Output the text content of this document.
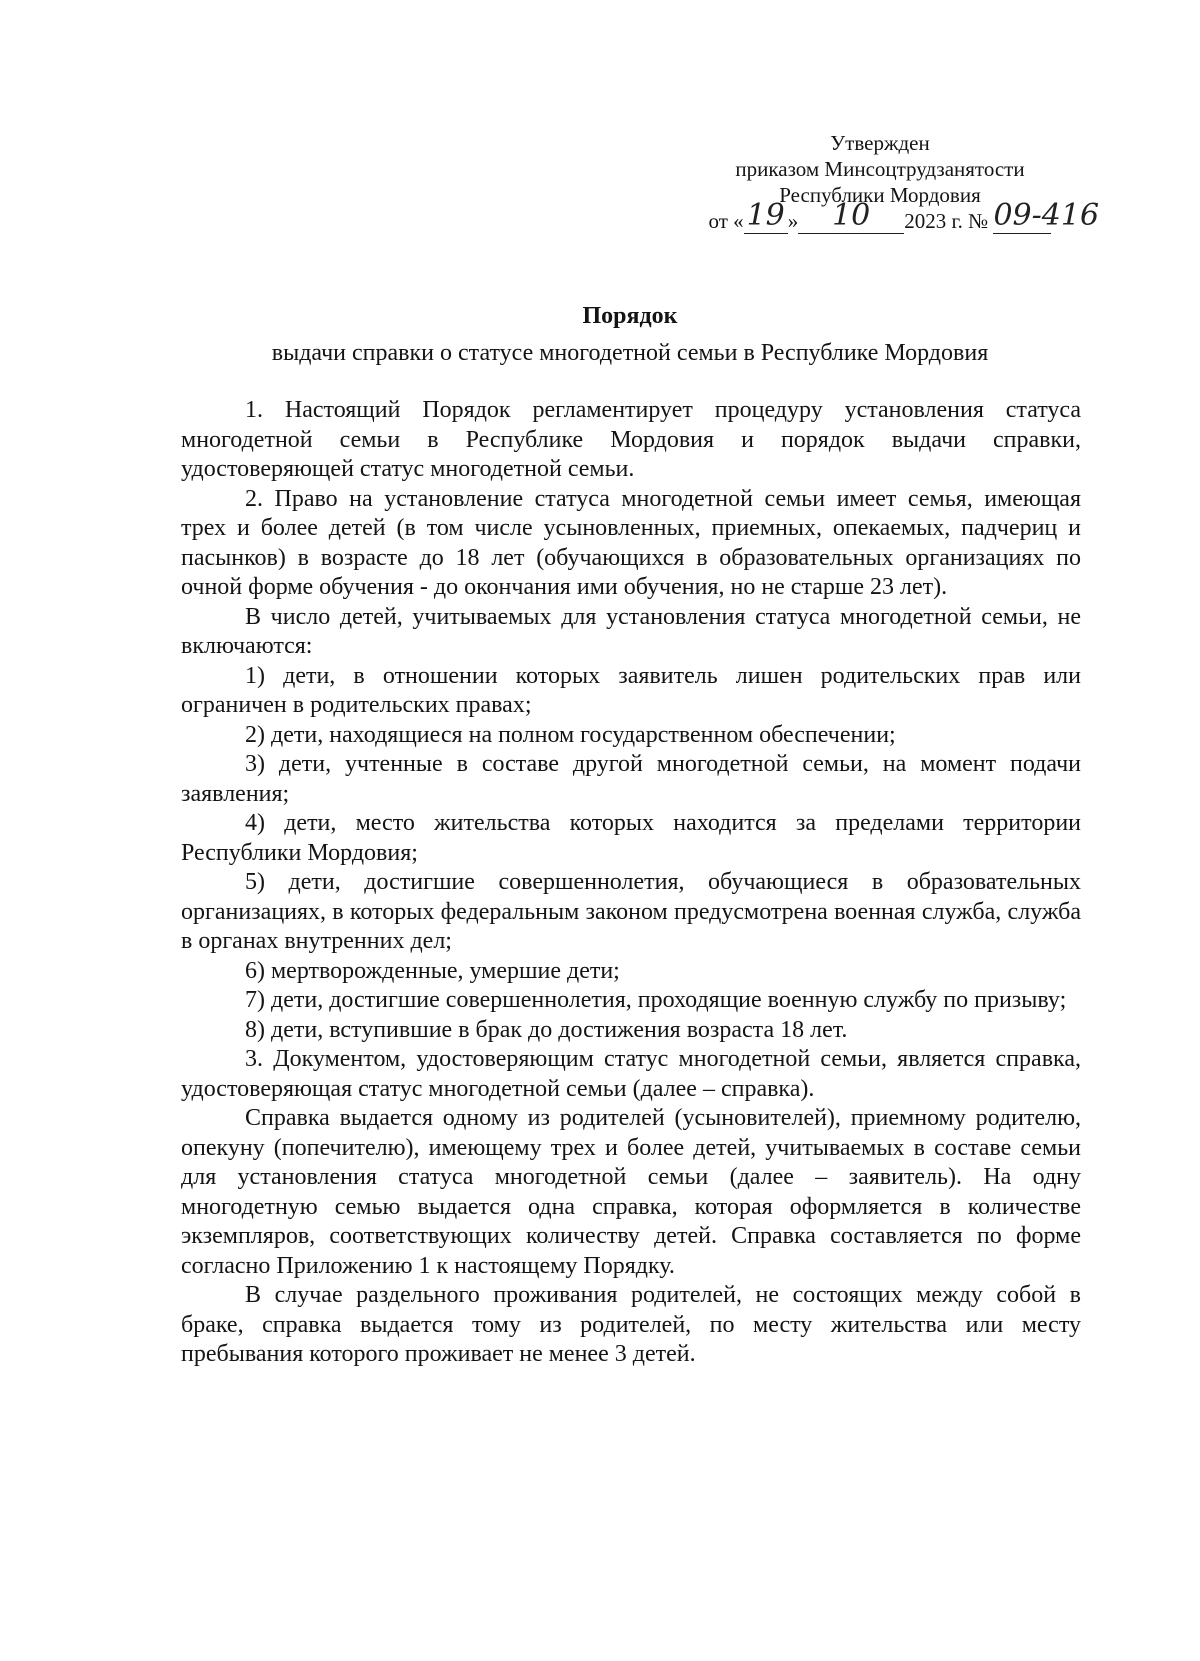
Утвержден
приказом Минсоцтрудзанятости
Республики Мордовия
от «19 » 10 2023 г. № 09-416
Порядок
выдачи справки о статусе многодетной семьи в Республике Мордовия

1. Настоящий Порядок регламентирует процедуру установления статуса многодетной семьи в Республике Мордовия и порядок выдачи справки, удостоверяющей статус многодетной семьи.

2. Право на установление статуса многодетной семьи имеет семья, имеющая трех и более детей (в том числе усыновленных, приемных, опекаемых, падчериц и пасынков) в возрасте до 18 лет (обучающихся в образовательных организациях по очной форме обучения - до окончания ими обучения, но не старше 23 лет).

В число детей, учитываемых для установления статуса многодетной семьи, не включаются:

1) дети, в отношении которых заявитель лишен родительских прав или ограничен в родительских правах;

2) дети, находящиеся на полном государственном обеспечении;

3) дети, учтенные в составе другой многодетной семьи, на момент подачи заявления;

4) дети, место жительства которых находится за пределами территории Республики Мордовия;

5) дети, достигшие совершеннолетия, обучающиеся в образовательных организациях, в которых федеральным законом предусмотрена военная служба, служба в органах внутренних дел;

6) мертворожденные, умершие дети;

7) дети, достигшие совершеннолетия, проходящие военную службу по призыву;

8) дети, вступившие в брак до достижения возраста 18 лет.

3. Документом, удостоверяющим статус многодетной семьи, является справка, удостоверяющая статус многодетной семьи (далее – справка).

Справка выдается одному из родителей (усыновителей), приемному родителю, опекуну (попечителю), имеющему трех и более детей, учитываемых в составе семьи для установления статуса многодетной семьи (далее – заявитель). На одну многодетную семью выдается одна справка, которая оформляется в количестве экземпляров, соответствующих количеству детей. Справка составляется по форме согласно Приложению 1 к настоящему Порядку.

В случае раздельного проживания родителей, не состоящих между собой в браке, справка выдается тому из родителей, по месту жительства или месту пребывания которого проживает не менее 3 детей.
